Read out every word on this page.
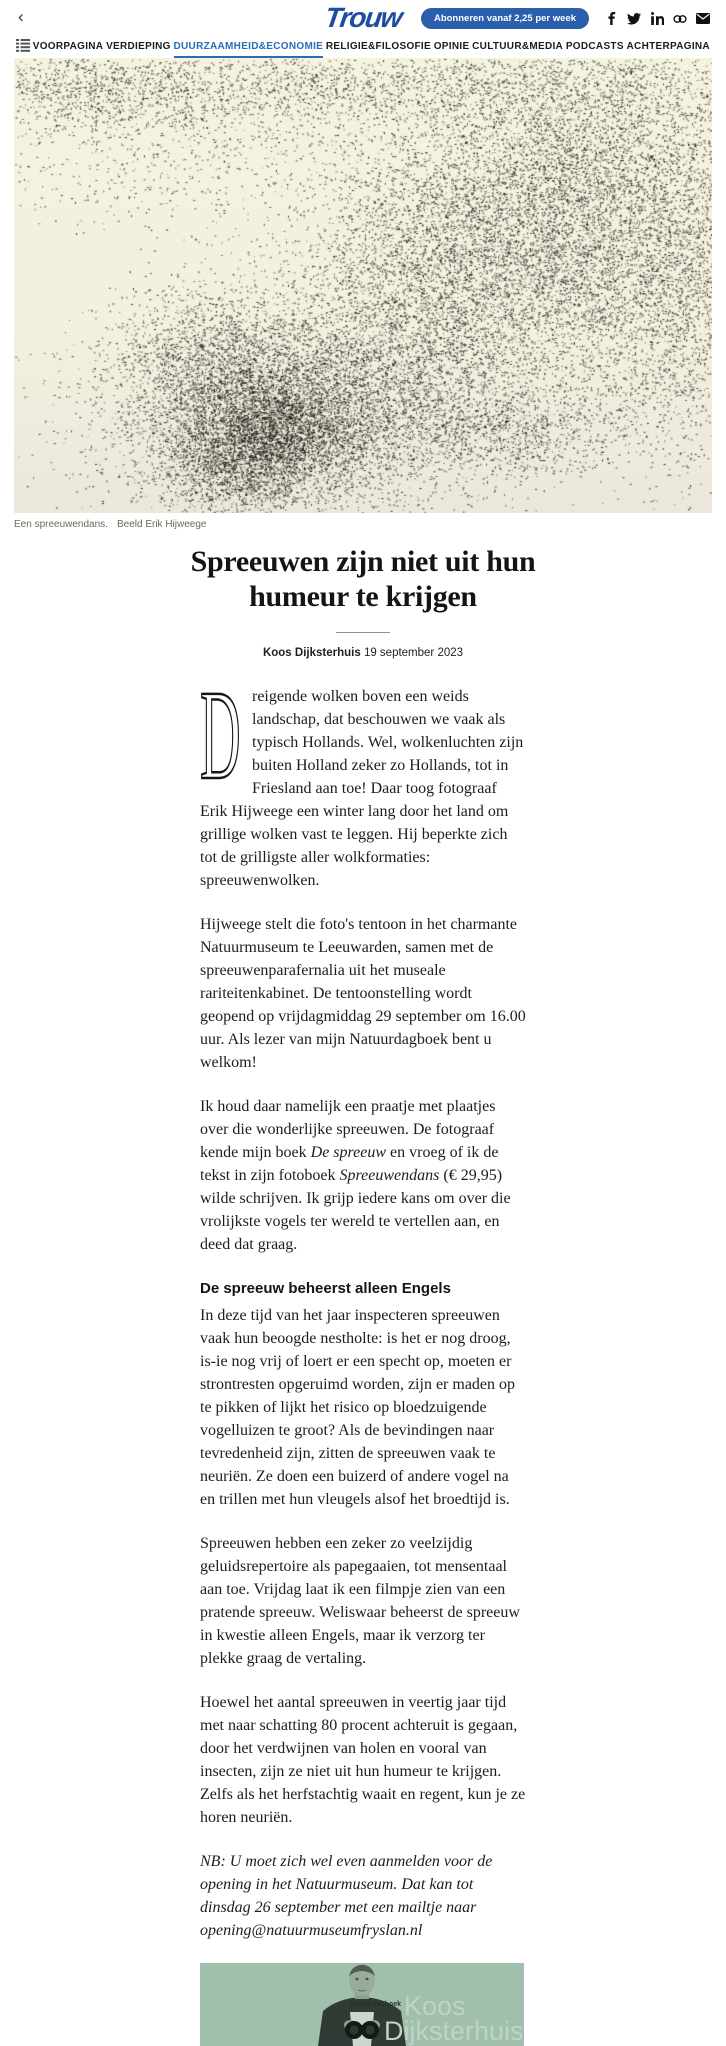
‹	Trouw	Abonneren vanaf 2,25 per week
VOORPAGINA VERDIEPING DUURZAAMHEID&ECONOMIE RELIGIE&FILOSOFIE OPINIE CULTUUR&MEDIA PODCASTS ACHTERPAGINA
Een spreeuwendans. Beeld Erik Hijweege
Spreeuwen zijn niet uit hun
humeur te krijgen
Koos Dijksterhuis 19 september 2023

Dreigende wolken boven een weids landschap, dat beschouwen we vaak als typisch Hollands. Wel, wolkenluchten zijn buiten Holland zeker zo Hollands, tot in Friesland aan toe! Daar toog fotograaf Erik Hijweege een winter lang door het land om grillige wolken vast te leggen. Hij beperkte zich tot de grilligste aller wolkformaties: spreeuwenwolken.

Hijweege stelt die foto's tentoon in het charmante Natuurmuseum te Leeuwarden, samen met de spreeuwenparafernalia uit het museale rariteitenkabinet. De tentoonstelling wordt geopend op vrijdagmiddag 29 september om 16.00 uur. Als lezer van mijn Natuurdagboek bent u welkom!

Ik houd daar namelijk een praatje met plaatjes over die wonderlijke spreeuwen. De fotograaf kende mijn boek De spreeuw en vroeg of ik de tekst in zijn fotoboek Spreeuwendans (€ 29,95) wilde schrijven. Ik grijp iedere kans om over die vrolijkste vogels ter wereld te vertellen aan, en deed dat graag.

De spreeuw beheerst alleen Engels

In deze tijd van het jaar inspecteren spreeuwen vaak hun beoogde nestholte: is het er nog droog, is-ie nog vrij of loert er een specht op, moeten er strontresten opgeruimd worden, zijn er maden op te pikken of lijkt het risico op bloedzuigende vogelluizen te groot? Als de bevindingen naar tevredenheid zijn, zitten de spreeuwen vaak te neuriën. Ze doen een buizerd of andere vogel na en trillen met hun vleugels alsof het broedtijd is.

Spreeuwen hebben een zeker zo veelzijdig geluidsrepertoire als papegaaien, tot mensentaal aan toe. Vrijdag laat ik een filmpje zien van een pratende spreeuw. Weliswaar beheerst de spreeuw in kwestie alleen Engels, maar ik verzorg ter plekke graag de vertaling.

Hoewel het aantal spreeuwen in veertig jaar tijd met naar schatting 80 procent achteruit is gegaan, door het verdwijnen van holen en vooral van insecten, zijn ze niet uit hun humeur te krijgen. Zelfs als het herfstachtig waait en regent, kun je ze horen neuriën.

NB: U moet zich wel even aanmelden voor de opening in het Natuurmuseum. Dat kan tot dinsdag 26 september met een mailtje naar opening@natuurmuseumfryslan.nl

Natuurdagboek Koos
Dijksterhuis
